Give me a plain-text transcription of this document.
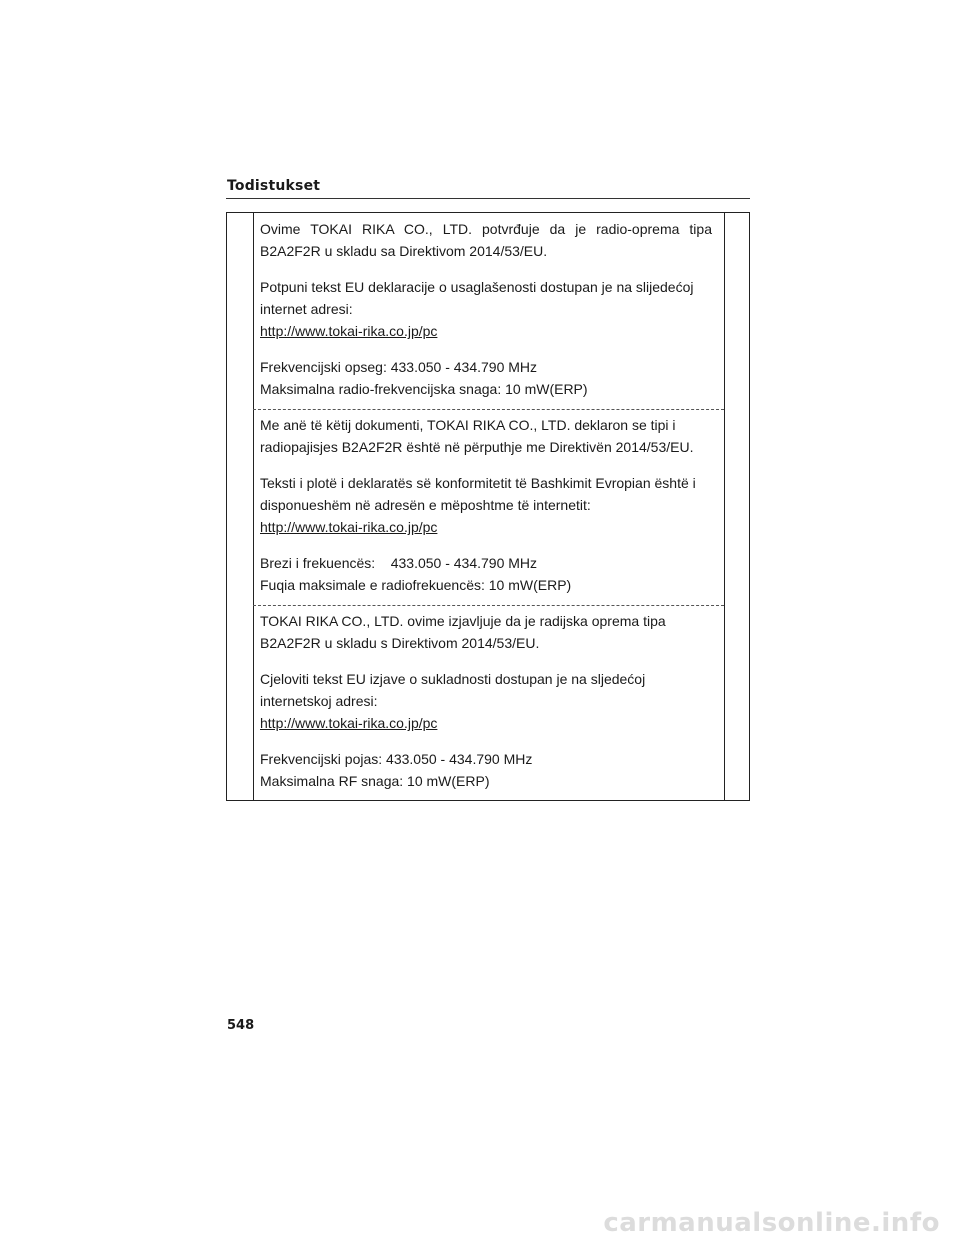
Todistukset

Ovime TOKAI RIKA CO., LTD. potvrđuje da je radio-oprema tipa

B2A2F2R u skladu sa Direktivom 2014/53/EU.

Potpuni tekst EU deklaracije o usaglašenosti dostupan je na slijedećoj

internet adresi:

http://www.tokai-rika.co.jp/pc

Frekvencijski opseg: 433.050 - 434.790 MHz

Maksimalna radio-frekvencijska snaga: 10 mW(ERP)

Me anë të këtij dokumenti, TOKAI RIKA CO., LTD. deklaron se tipi i

radiopajisjes B2A2F2R është në përputhje me Direktivën 2014/53/EU.

Teksti i plotë i deklaratës së konformitetit të Bashkimit Evropian është i

disponueshëm në adresën e mëposhtme të internetit:

http://www.tokai-rika.co.jp/pc

Brezi i frekuencës:    433.050 - 434.790 MHz

Fuqia maksimale e radiofrekuencës: 10 mW(ERP)

TOKAI RIKA CO., LTD. ovime izjavljuje da je radijska oprema tipa

B2A2F2R u skladu s Direktivom 2014/53/EU.

Cjeloviti tekst EU izjave o sukladnosti dostupan je na sljedećoj

internetskoj adresi:

http://www.tokai-rika.co.jp/pc

Frekvencijski pojas: 433.050 - 434.790 MHz

Maksimalna RF snaga: 10 mW(ERP)

548
carmanualsonline.info
